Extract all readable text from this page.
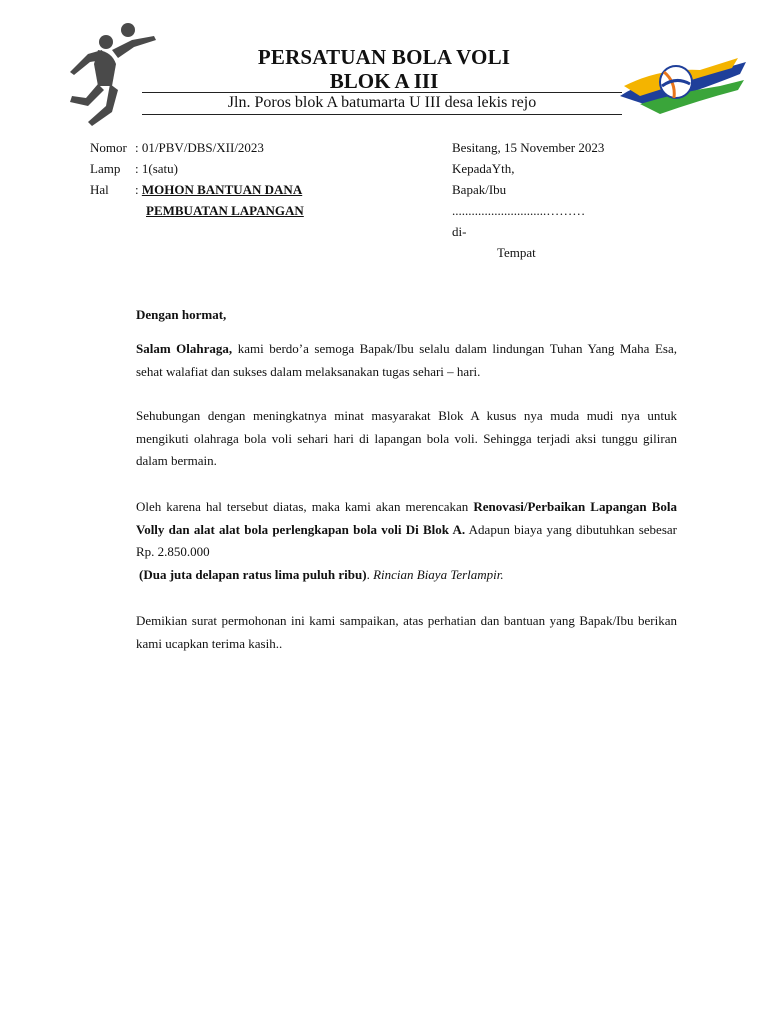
PERSATUAN BOLA VOLI
BLOK A III
Jln. Poros blok A batumarta U III desa lekis rejo
Nomor : 01/PBV/DBS/XII/2023
Lamp : 1(satu)
Hal : MOHON BANTUAN DANA
PEMBUATAN LAPANGAN
Besitang, 15 November 2023
KepadaYth,
Bapak/Ibu
.............................………
di-
Tempat
Dengan hormat,

Salam Olahraga, kami berdo’a semoga Bapak/Ibu selalu dalam lindungan Tuhan Yang Maha Esa, sehat walafiat dan sukses dalam melaksanakan tugas sehari – hari.

Sehubungan dengan meningkatnya minat masyarakat Blok A kusus nya muda mudi nya untuk mengikuti olahraga bola voli sehari hari di lapangan bola voli. Sehingga terjadi aksi tunggu giliran dalam bermain.

Oleh karena hal tersebut diatas, maka kami akan merencakan Renovasi/Perbaikan Lapangan Bola Volly dan alat alat bola perlengkapan bola voli Di Blok A. Adapun biaya yang dibutuhkan sebesar Rp. 2.850.000

(Dua juta delapan ratus lima puluh ribu). Rincian Biaya Terlampir.

Demikian surat permohonan ini kami sampaikan, atas perhatian dan bantuan yang Bapak/Ibu berikan kami ucapkan terima kasih..
